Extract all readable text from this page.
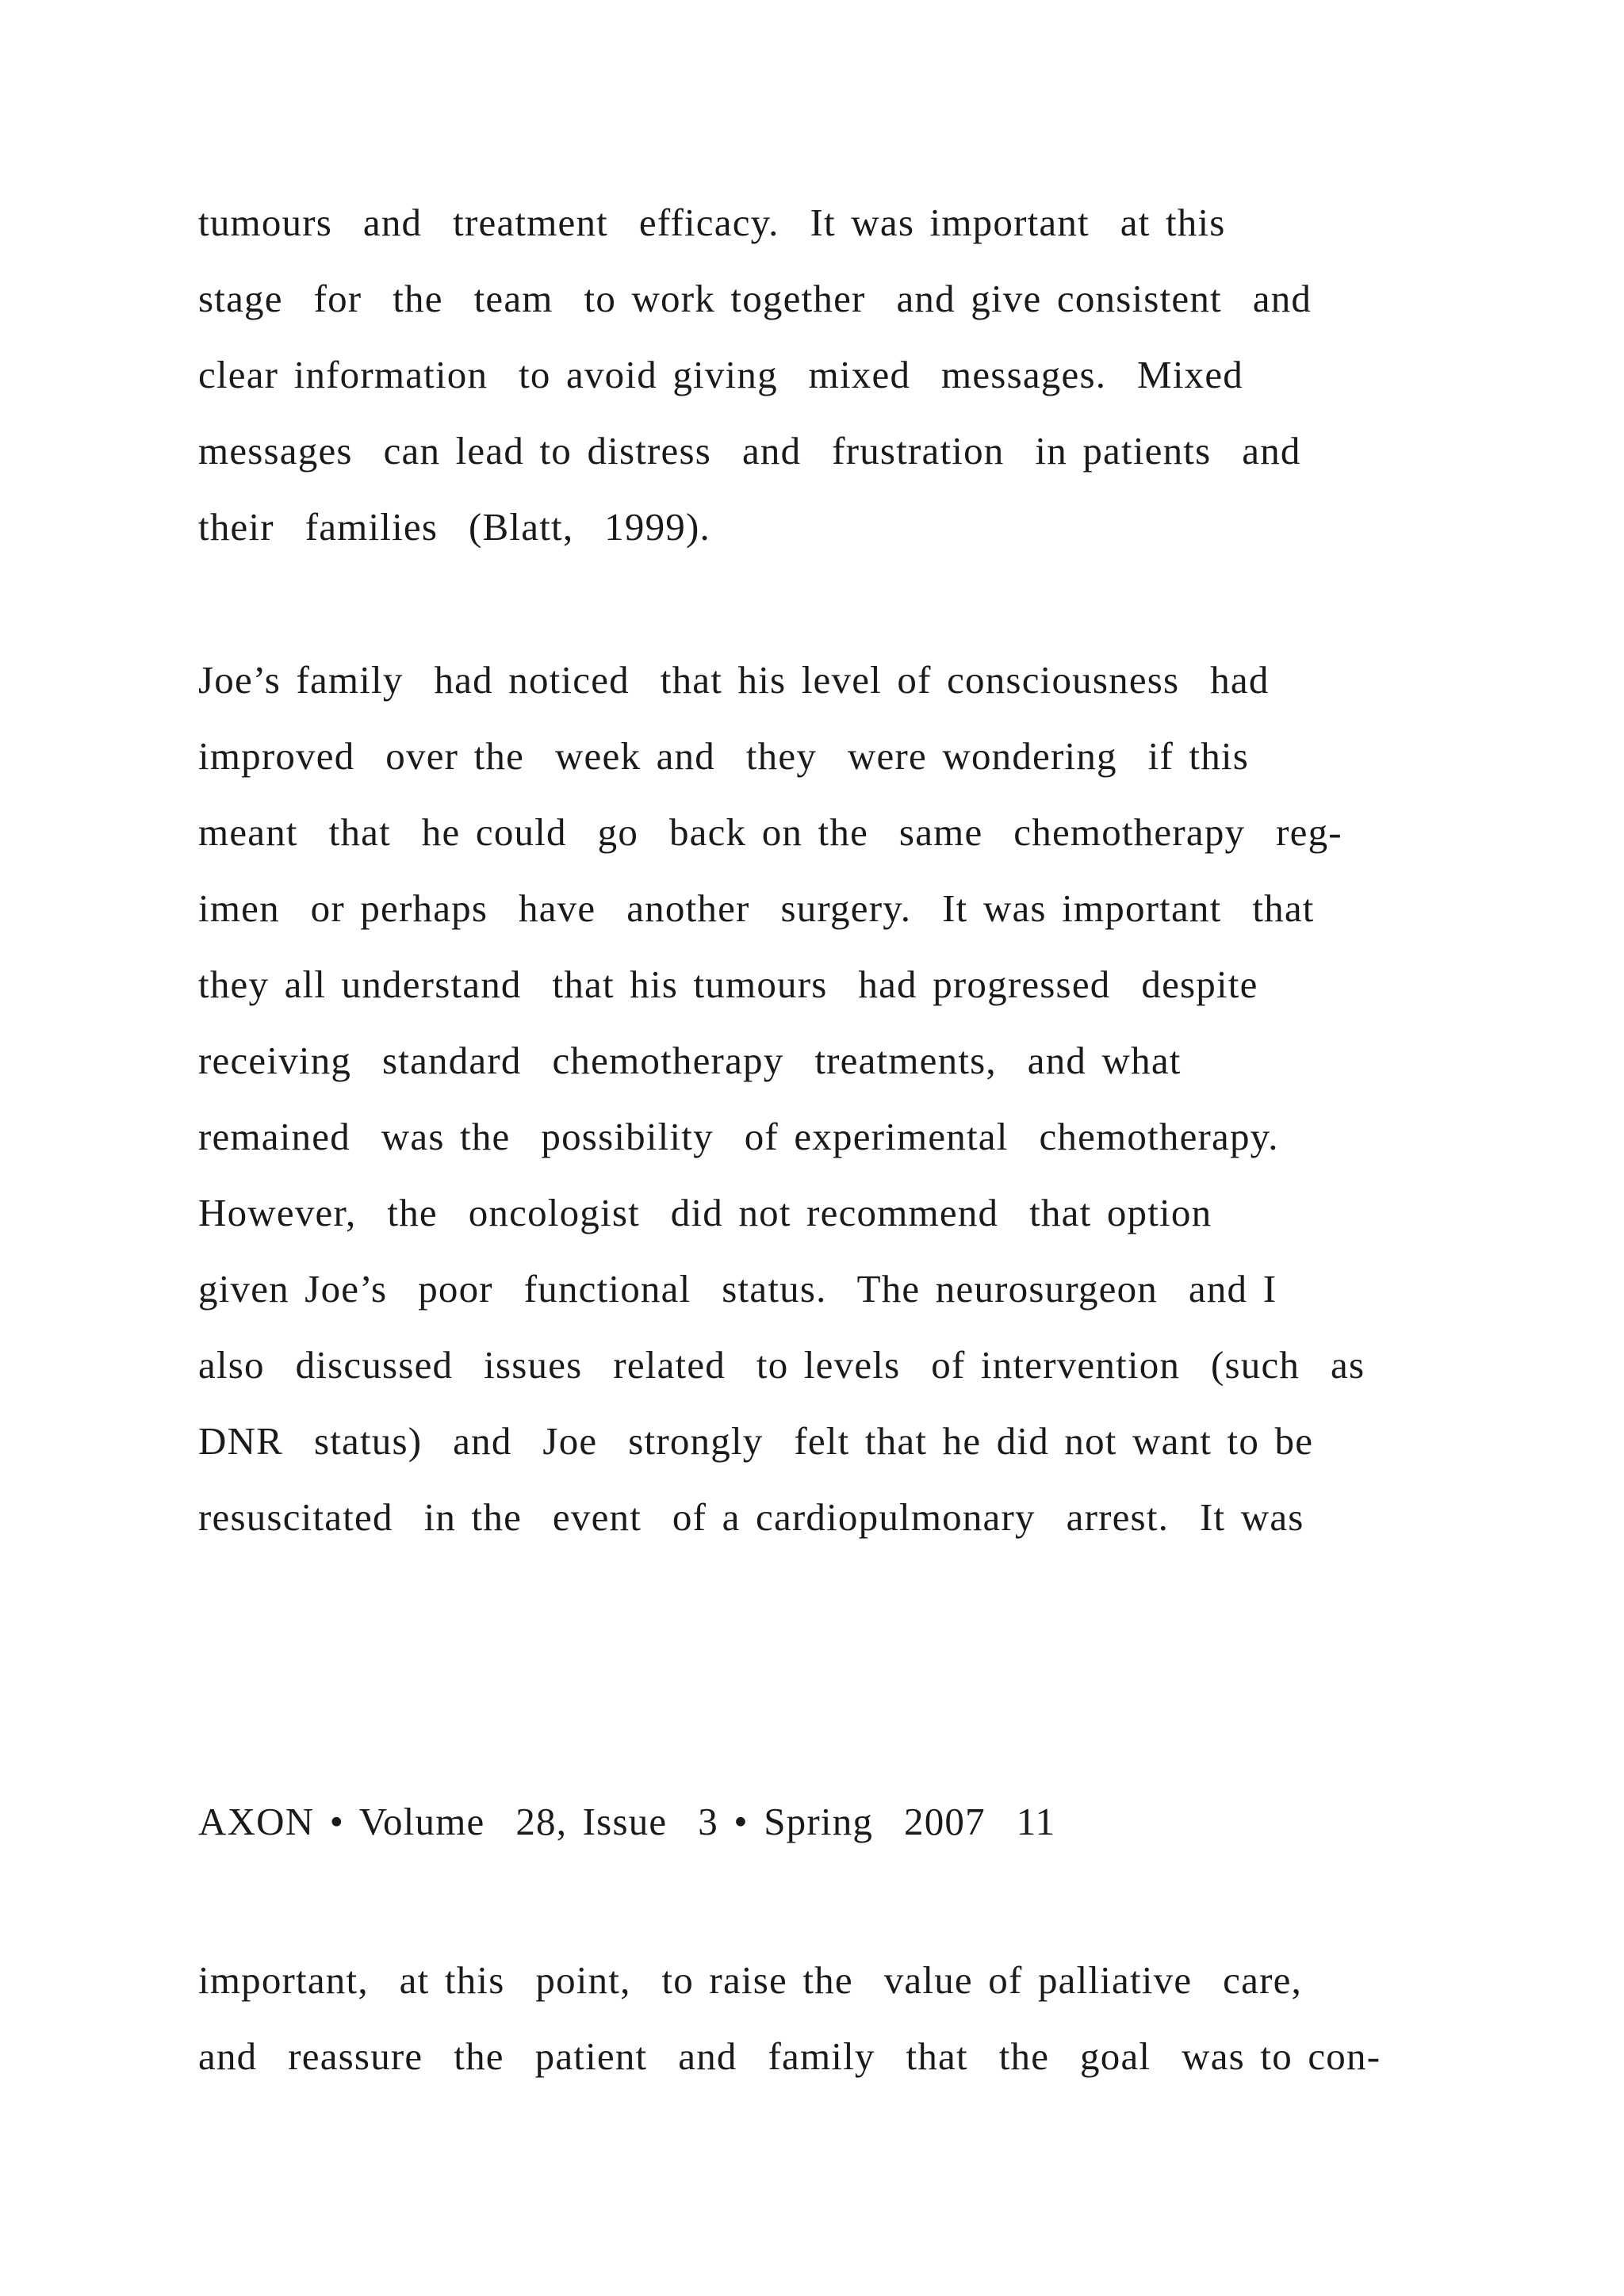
tumours  and  treatment  efficacy.  It was important  at this
stage  for  the  team  to work together  and give consistent  and
clear information  to avoid giving  mixed  messages.  Mixed
messages  can lead to distress  and  frustration  in patients  and
their  families  (Blatt,  1999).
Joe’s family  had noticed  that his level of consciousness  had
improved  over the  week and  they  were wondering  if this
meant  that  he could  go  back on the  same  chemotherapy  reg-
imen  or perhaps  have  another  surgery.  It was important  that
they all understand  that his tumours  had progressed  despite
receiving  standard  chemotherapy  treatments,  and what
remained  was the  possibility  of experimental  chemotherapy.
However,  the  oncologist  did not recommend  that option
given Joe’s  poor  functional  status.  The neurosurgeon  and I
also  discussed  issues  related  to levels  of intervention  (such  as
DNR  status)  and  Joe  strongly  felt that he did not want to be
resuscitated  in the  event  of a cardiopulmonary  arrest.  It was
AXON • Volume  28, Issue  3 • Spring  2007  11
important,  at this  point,  to raise the  value of palliative  care,
and  reassure  the  patient  and  family  that  the  goal  was to con-
